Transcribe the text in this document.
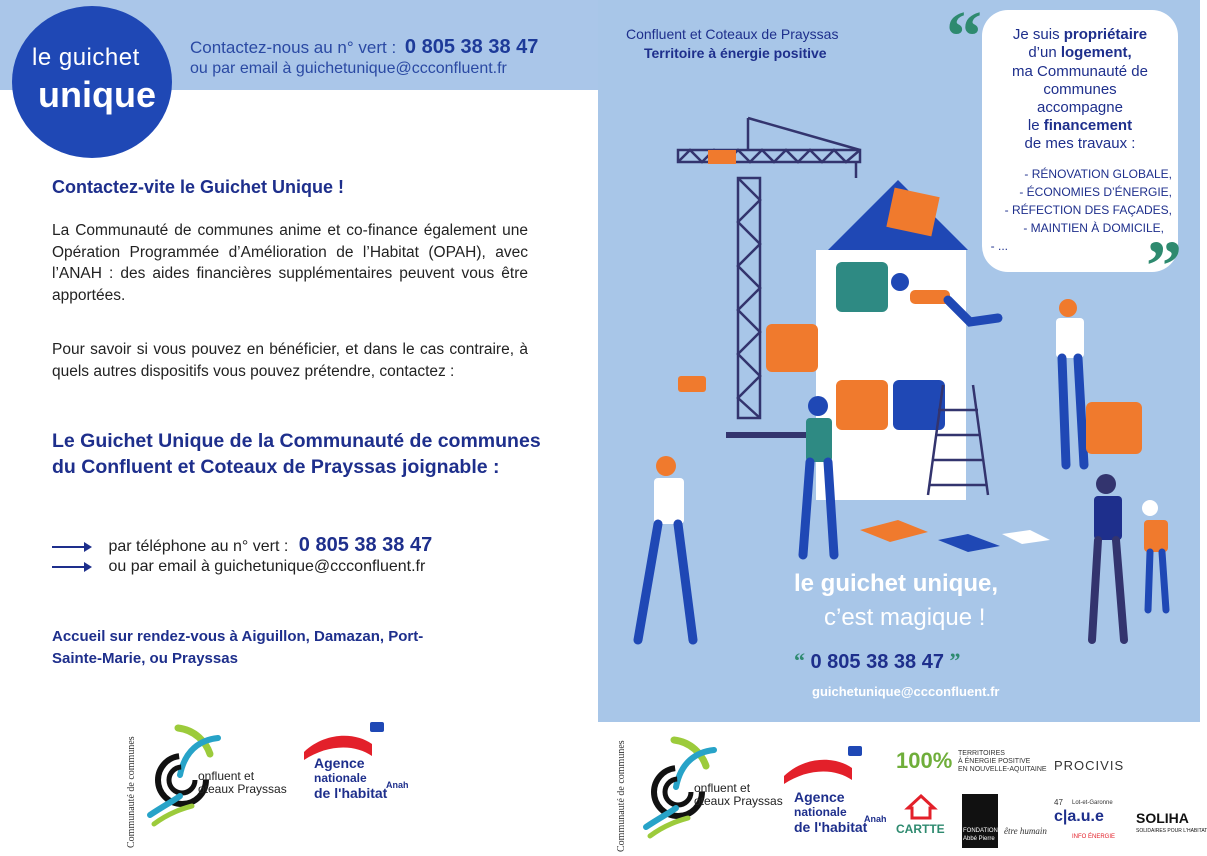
le guichet
unique
Contactez-nous au n° vert : 0 805 38 38 47
ou par email à guichetunique@ccconfluent.fr
Contactez-vite le Guichet Unique !
La Communauté de communes anime et co-finance également une Opération Programmée d’Amélioration de l’Habitat (OPAH), avec l’ANAH : des aides financières supplémentaires peuvent vous être apportées.
Pour savoir si vous pouvez en bénéficier, et dans le cas contraire, à quels autres dispositifs vous pouvez prétendre, contactez :
Le Guichet Unique de la Communauté de communes du Confluent et Coteaux de Prayssas joignable :
par téléphone au n° vert : 0 805 38 38 47
ou par email à guichetunique@ccconfluent.fr
Accueil sur rendez-vous à Aiguillon, Damazan, Port-Sainte-Marie, ou Prayssas
Communauté de communes	onfluent et
oteaux Prayssas
Agence
nationale
de l'habitat
Anah
Confluent et Coteaux de Prayssas
Territoire à énergie positive “
”
Je suis propriétaire
d’un logement,
ma Communauté de
communes
accompagne
le financement
de mes travaux :
- RÉNOVATION GLOBALE,
- ÉCONOMIES D’ÉNERGIE,
- RÉFECTION DES FAÇADES,
- MAINTIEN À DOMICILE,
- ...
le guichet unique,
c’est magique !
“ 0 805 38 38 47 ”
guichetunique@ccconfluent.fr
Communauté de communes	onfluent et
oteaux Prayssas Agence
nationale
de l'habitat
Anah
100% TERRITOIRES
À ÉNERGIE POSITIVE
EN NOUVELLE-AQUITAINE PROCIVIS
CARTTE	FONDATION
Abbé Pierre
être humain
47
c|a.u.e
Lot-et-Garonne
INFO ÉNERGIE
SOLIHA
SOLIDAIRES POUR L'HABITAT
